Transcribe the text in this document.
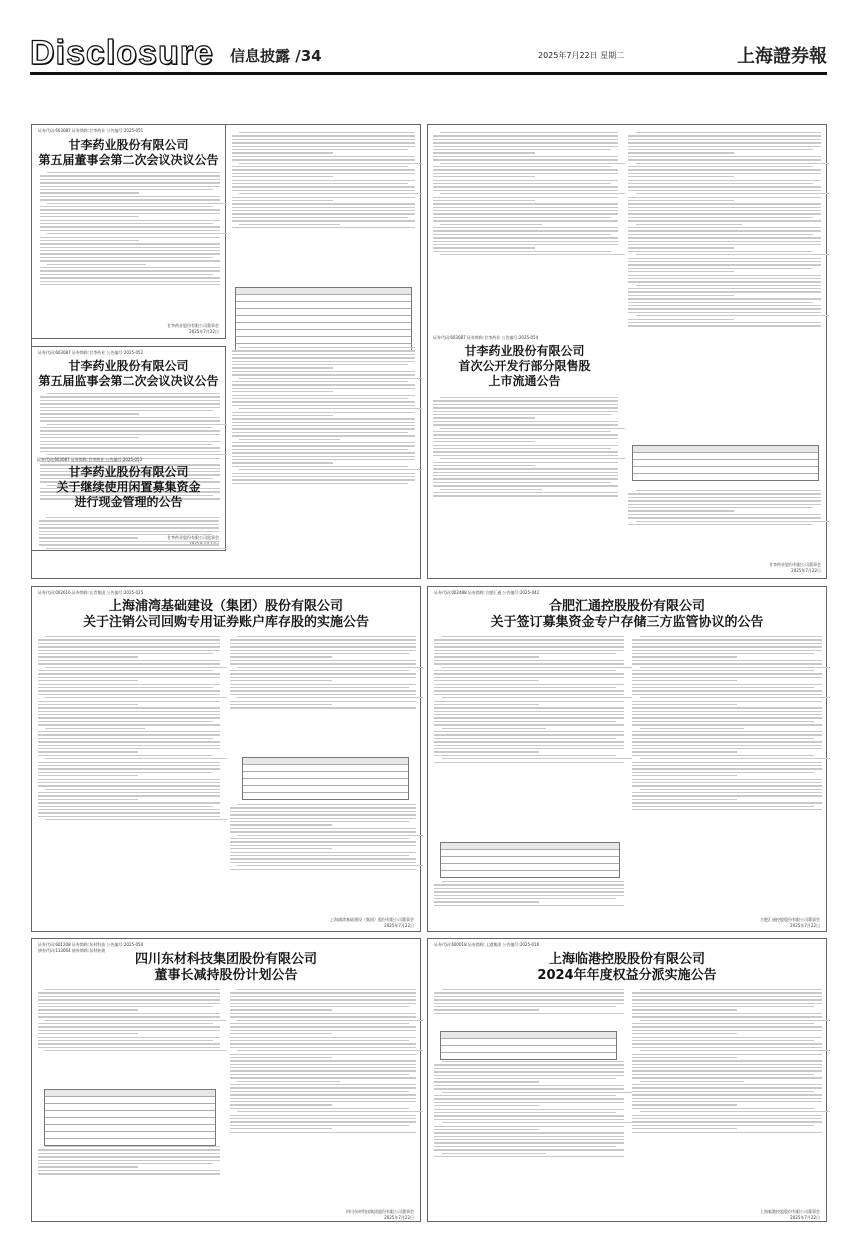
Disclosure 信息披露 /34	2025年7月22日 星期二	上海證券報
证券代码:603087 证券简称:甘李药业 公告编号:2025-051
甘李药业股份有限公司
第五届董事会第二次会议决议公告
甘李药业股份有限公司董事会
2025年7月22日
证券代码:603087 证券简称:甘李药业 公告编号:2025-052
甘李药业股份有限公司
第五届监事会第二次会议决议公告
甘李药业股份有限公司监事会

证券代码:603087 证券简称:甘李药业 公告编号:2025-053
甘李药业股份有限公司
关于继续使用闲置募集资金
进行现金管理的公告
证券代码:603087 证券简称:甘李药业 公告编号:2025-054
甘李药业股份有限公司
首次公开发行部分限售股
上市流通公告
甘李药业股份有限公司董事会
2025年7月22日
证券代码:002616 证券简称:长青集团 公告编号:2025-025
上海浦湾基础建设（集团）股份有限公司
关于注销公司回购专用证券账户库存股的实施公告
上海浦湾基础建设（集团）股份有限公司董事会
2025年7月22日
证券代码:002488 证券简称:合肥汇通 公告编号:2025-042
合肥汇通控股股份有限公司
关于签订募集资金专户存储三方监管协议的公告
合肥汇通控股股份有限公司董事会
2025年7月22日
证券代码:601208 证券简称:东材科技 公告编号:2025-050
债券代码:113064 债券简称:东材转债
四川东材科技集团股份有限公司
董事长减持股份计划公告
四川东材科技集团股份有限公司董事会
2025年7月22日
证券代码:600018 证券简称:上港集团 公告编号:2025-016
上海临港控股股份有限公司
2024年年度权益分派实施公告
上海临港控股股份有限公司董事会
2025年7月22日
